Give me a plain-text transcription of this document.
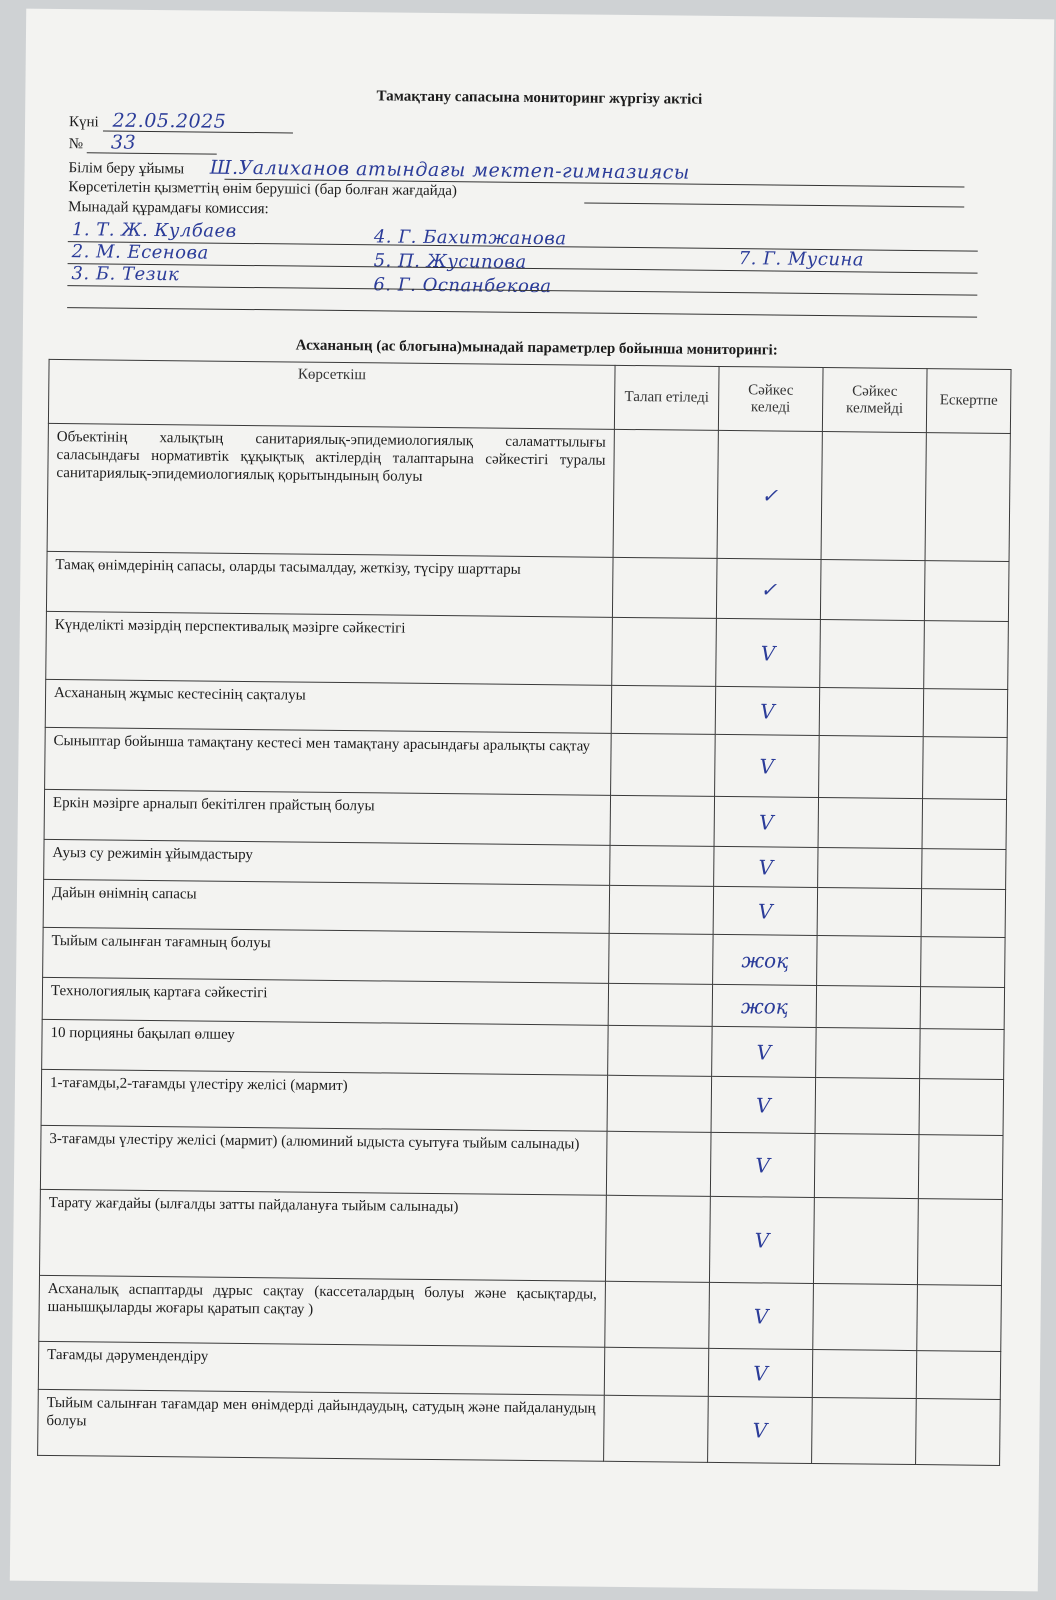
Тамақтану сапасына мониторинг жүргізу актісі
Күні 22.05.2025
№ 33
Білім беру ұйымы Ш.Уалиханов атындағы мектеп-гимназиясы
Көрсетілетін қызметтің өнім берушісі (бар болған жағдайда)
Мынадай құрамдағы комиссия:
1. Т. Ж. Кулбаев	4. Г. Бахитжанова
7. Г. Мусина
2. М. Есенова	5. П. Жусипова
3. Б. Тезик
6. Г. Оспанбекова
Асхананың (ас блогына)мынадай параметрлер бойынша мониторингі:
Көрсеткіш	Талап етіледі	Сәйкес келеді	Сәйкес келмейді	Ескертпе
Объектінің халықтың санитариялық-эпидемиологиялық саламаттылығы саласындағы нормативтік құқықтық актілердің талаптарына сәйкестігі туралы санитариялық-эпидемиологиялық қорытындының болуы		✓		
Тамақ өнімдерінің сапасы, оларды тасымалдау, жеткізу, түсіру шарттары		✓		
Күнделікті мәзірдің перспективалық мәзірге сәйкестігі		V		
Асхананың жұмыс кестесінің сақталуы		V		
Сыныптар бойынша тамақтану кестесі мен тамақтану арасындағы аралықты сақтау		V		
Еркін мәзірге арналып бекітілген прайстың болуы		V		
Ауыз су режимін ұйымдастыру		V		
Дайын өнімнің сапасы		V		
Тыйым салынған тағамның болуы		жоқ		
Технологиялық картаға сәйкестігі		жоқ		
10 порцияны бақылап өлшеу		V		
1-тағамды,2-тағамды үлестіру желісі (мармит)		V		
3-тағамды үлестіру желісі (мармит) (алюминий ыдыста суытуға тыйым салынады)		V		
Тарату жағдайы (ылғалды затты пайдалануға тыйым салынады)		V		
Асханалық аспаптарды дұрыс сақтау (кассеталардың болуы және қасықтарды, шанышқыларды жоғары қаратып сақтау )		V		
Тағамды дәрумендендіру		V		
Тыйым салынған тағамдар мен өнімдерді дайындаудың, сатудың және пайдаланудың болуы		V		
